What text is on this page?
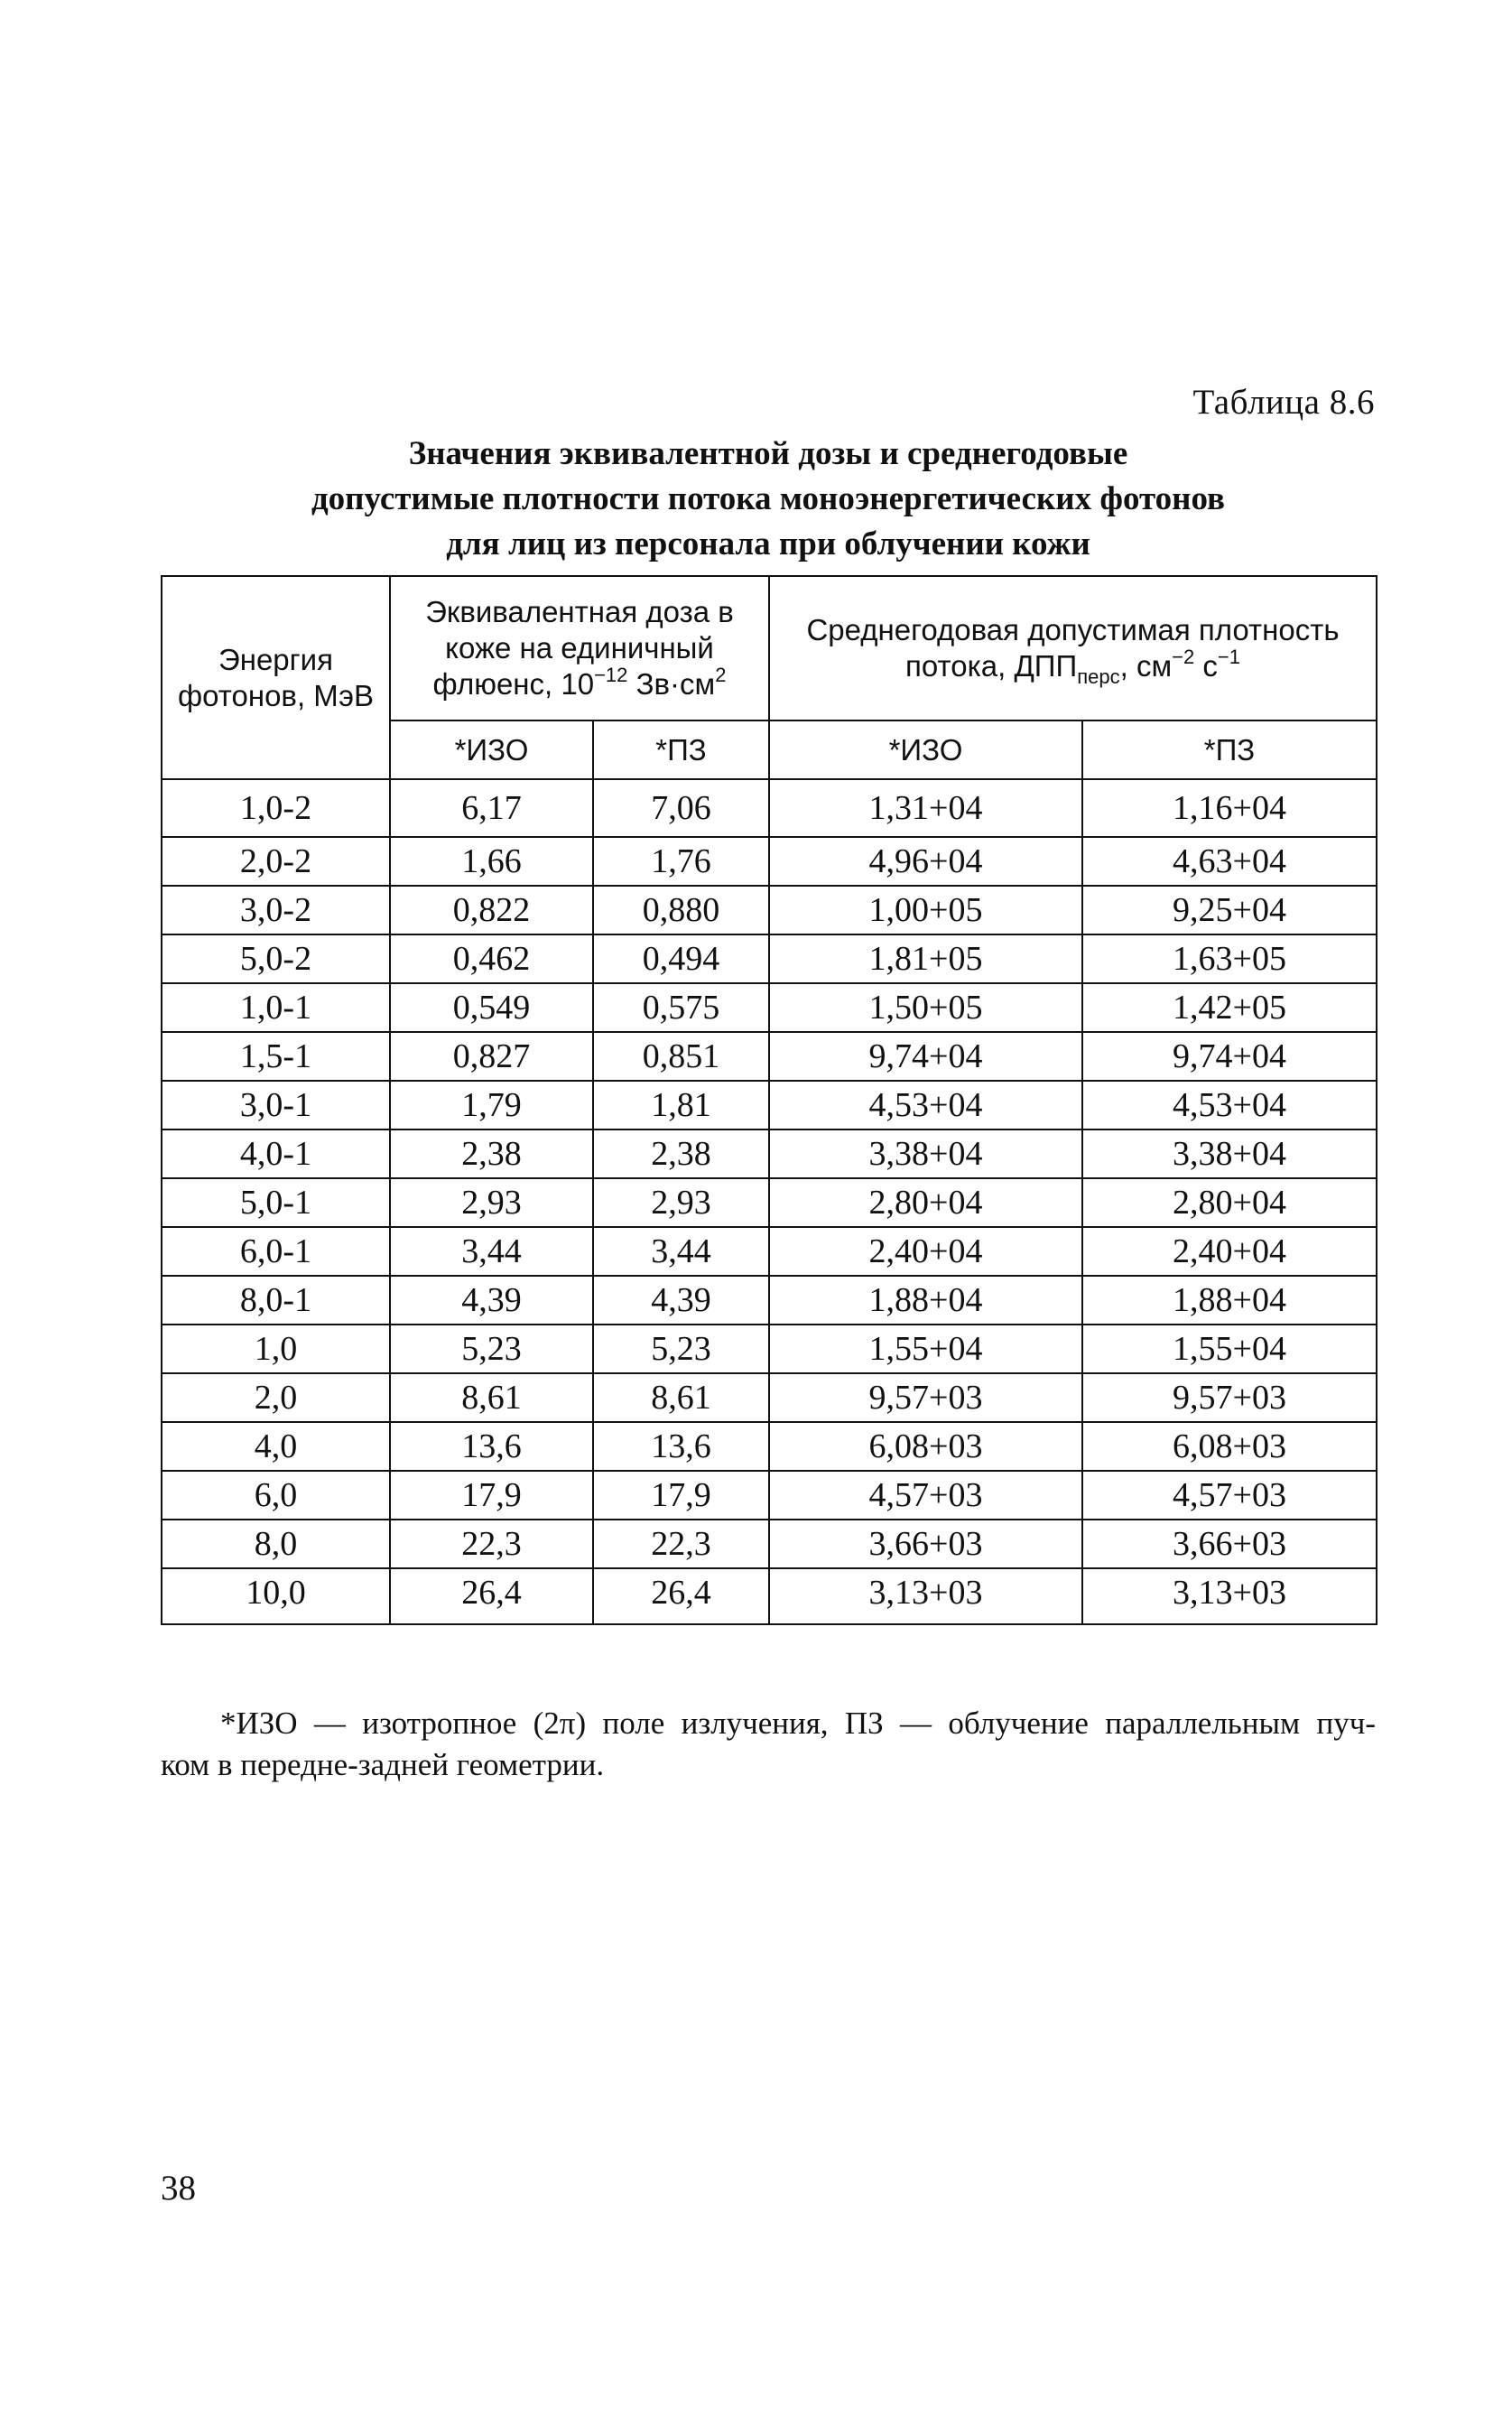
Таблица 8.6
Значения эквивалентной дозы и среднегодовые
допустимые плотности потока моноэнергетических фотонов
для лиц из персонала при облучении кожи
Энергия
фотонов, МэВ	Эквивалентная доза в
коже на единичный
флюенс, $10^{-12}$ $Зв\cdot см^2$		Среднегодовая допустимая плотность
потока, $ДПП_{перс}$, $см^{-2}$ $с^{-1}$

	*ИЗО	*ПЗ	*ИЗО	*ПЗ
1,0-2	6,17	7,06	1,31+04	1,16+04
2,0-2	1,66	1,76	4,96+04	4,63+04
3,0-2	0,822	0,880	1,00+05	9,25+04
5,0-2	0,462	0,494	1,81+05	1,63+05
1,0-1	0,549	0,575	1,50+05	1,42+05
1,5-1	0,827	0,851	9,74+04	9,74+04
3,0-1	1,79	1,81	4,53+04	4,53+04
4,0-1	2,38	2,38	3,38+04	3,38+04
5,0-1	2,93	2,93	2,80+04	2,80+04
6,0-1	3,44	3,44	2,40+04	2,40+04
8,0-1	4,39	4,39	1,88+04	1,88+04
1,0	5,23	5,23	1,55+04	1,55+04
2,0	8,61	8,61	9,57+03	9,57+03
4,0	13,6	13,6	6,08+03	6,08+03
6,0	17,9	17,9	4,57+03	4,57+03
8,0	22,3	22,3	3,66+03	3,66+03
10,0	26,4	26,4	3,13+03	3,13+03
*ИЗО — изотропное (2π) поле излучения, ПЗ — облучение параллельным пуч-
ком в передне-задней геометрии.
38
